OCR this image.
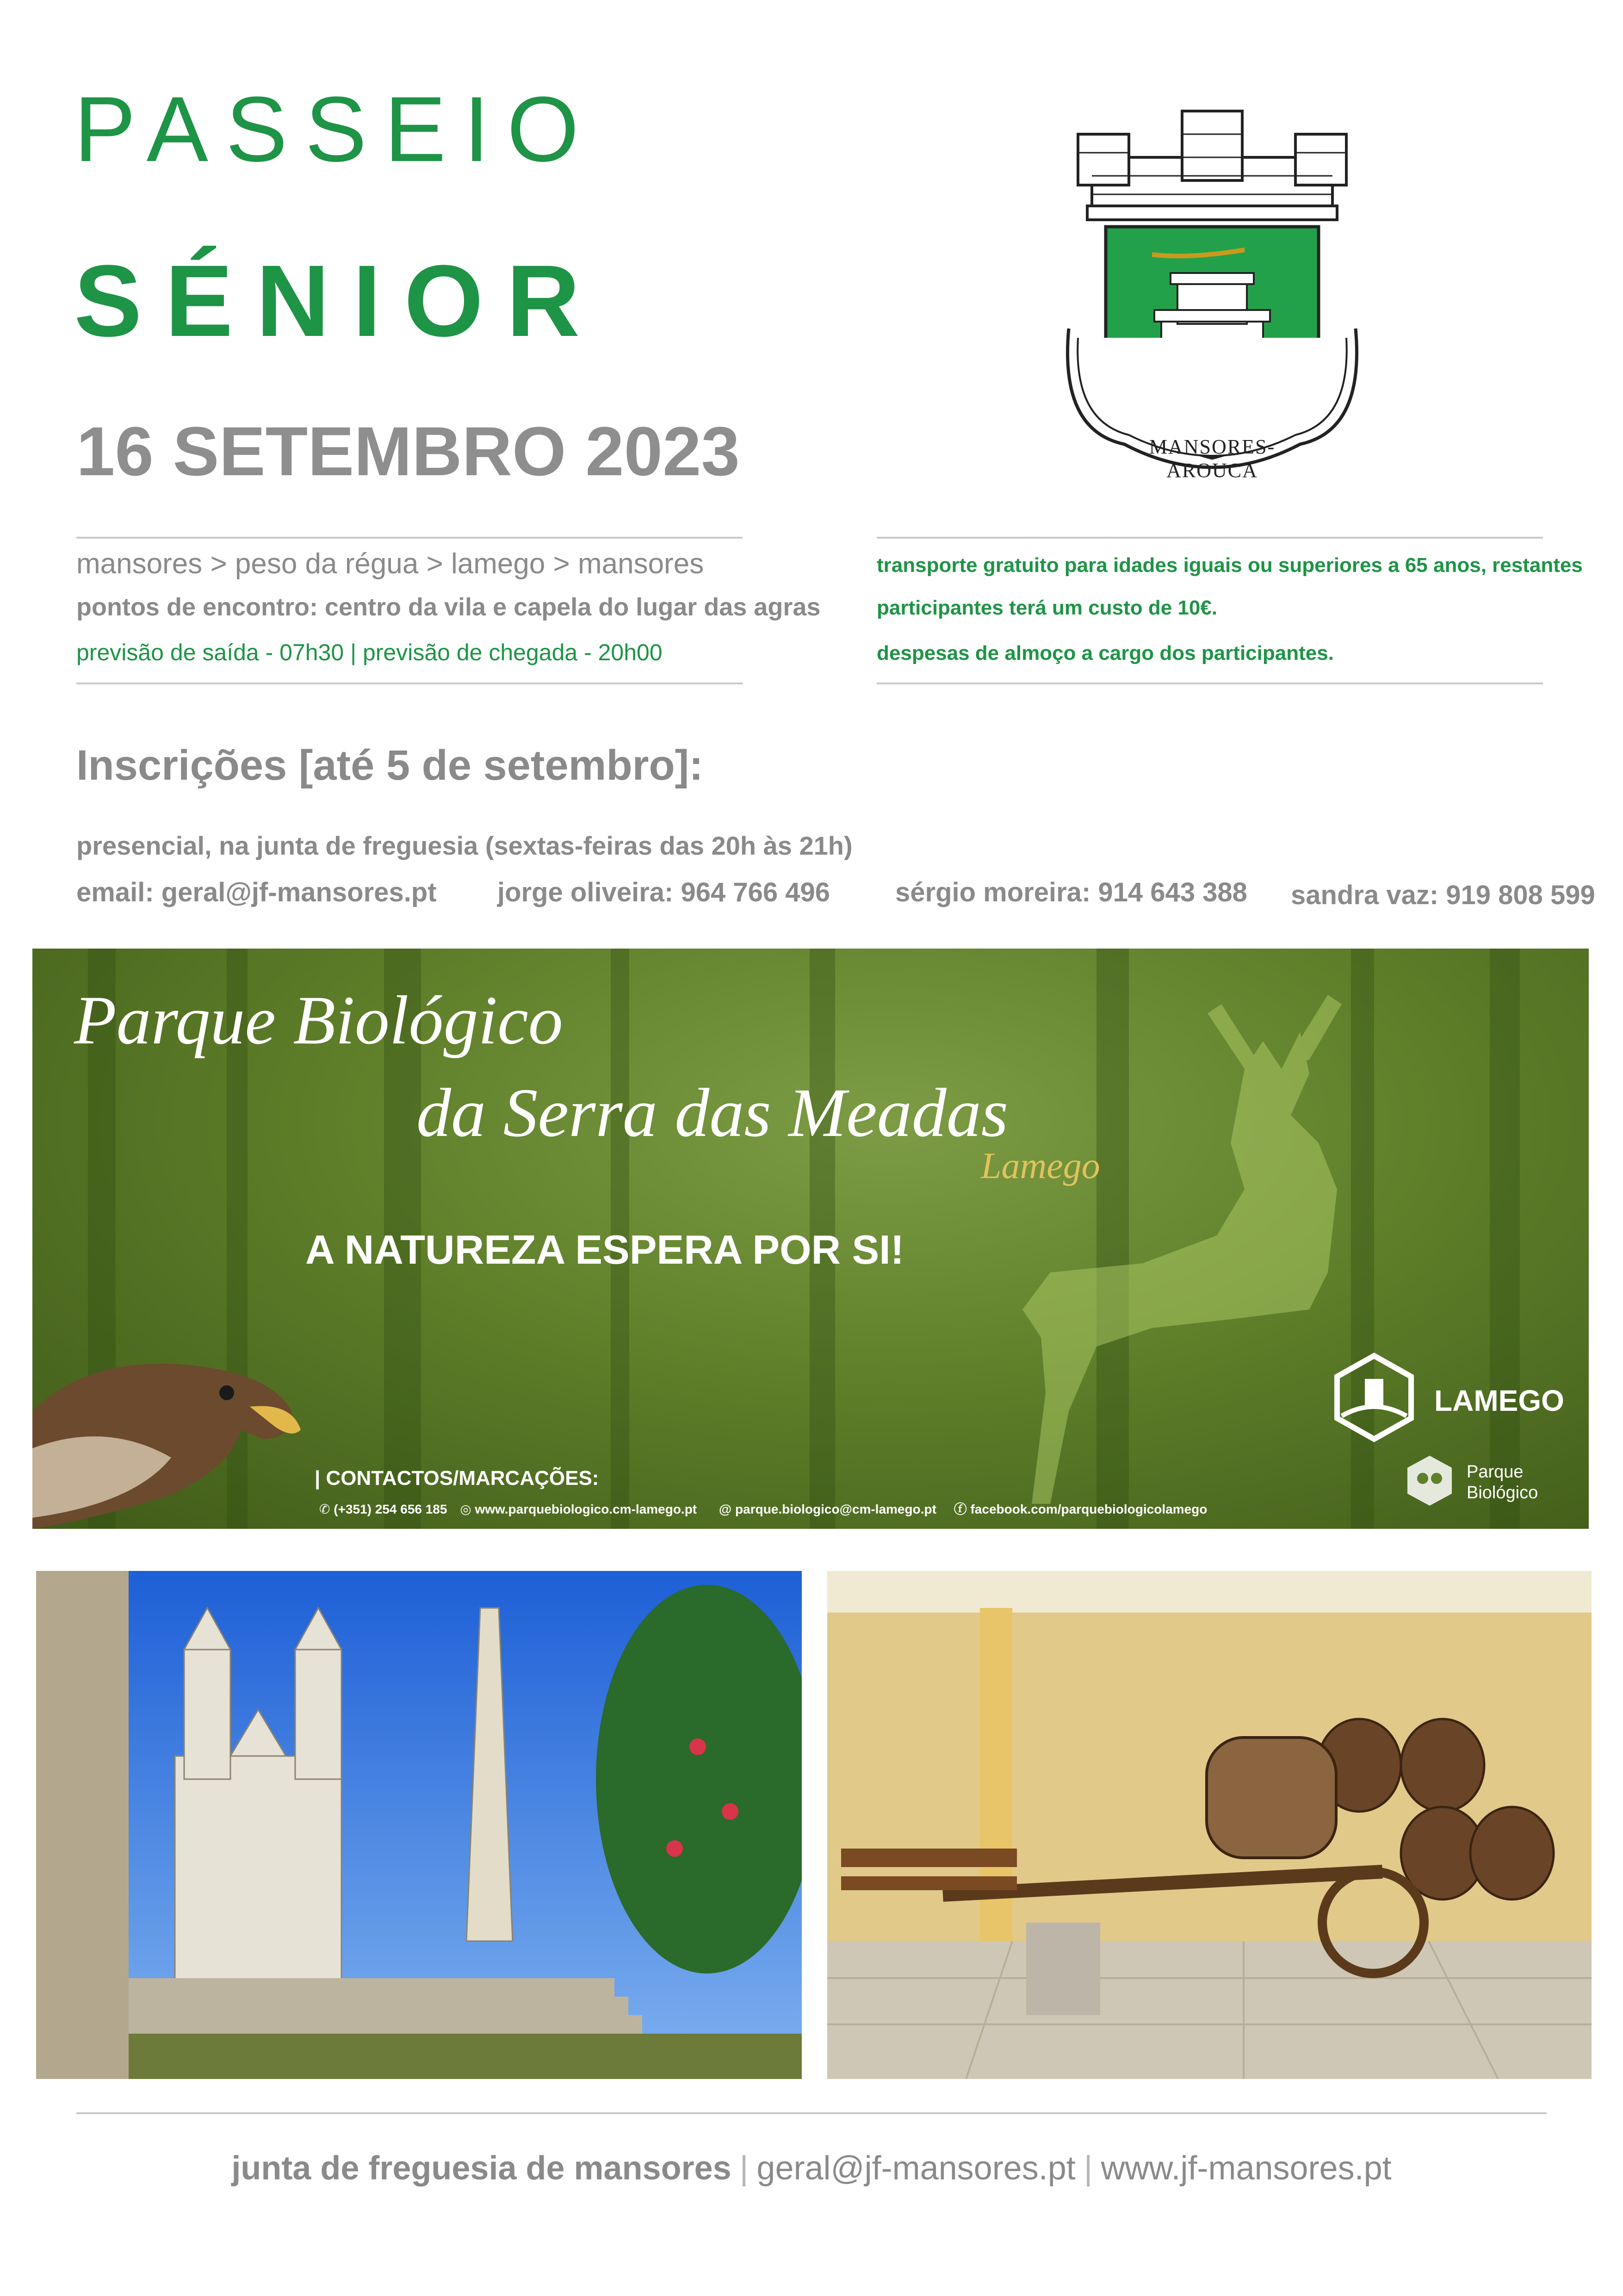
PASSEIO
SÉNIOR
16 SETEMBRO 2023	MANSORES-AROUCA
mansores > peso da régua > lamego > mansores
pontos de encontro: centro da vila e capela do lugar das agras
previsão de saída - 07h30 | previsão de chegada - 20h00
transporte gratuito para idades iguais ou superiores a 65 anos, restantes
participantes terá um custo de 10€.
despesas de almoço a cargo dos participantes.
Inscrições [até 5 de setembro]:
presencial, na junta de freguesia (sextas-feiras das 20h às 21h)
email: geral@jf-mansores.pt jorge oliveira: 964 766 496 sérgio moreira: 914 643 388 sandra vaz: 919 808 599
Parque Biológico
da Serra das Meadas
Lamego
A NATUREZA ESPERA POR SI!
LAMEGO
Parque
Biológico
| CONTACTOS/MARCAÇÕES:
✆ (+351) 254 656 185 ◎ www.parquebiologico.cm-lamego.pt @ parque.biologico@cm-lamego.pt ⓕ facebook.com/parquebiologicolamego
junta de freguesia de mansores | geral@jf-mansores.pt | www.jf-mansores.pt
